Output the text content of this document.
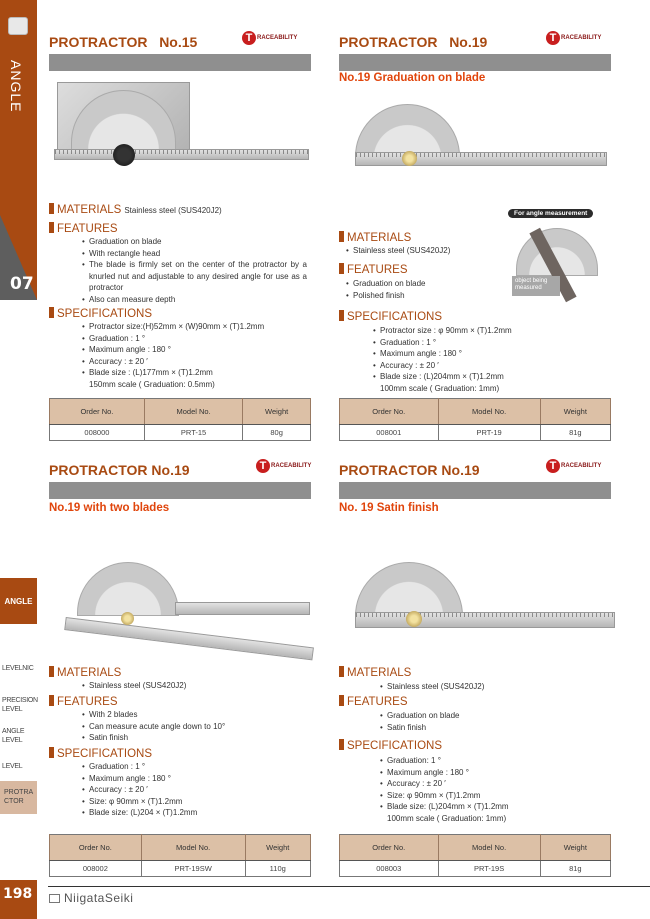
ANGLE
07
ANGLE
LEVELNIC
PRECISION LEVEL
ANGLE LEVEL
LEVEL
PROTRA CTOR
198	NiigataSeiki
PROTRACTOR   No.15	T RACEABILITY
MATERIALS Stainless steel (SUS420J2)
FEATURES
• Graduation on blade
• With rectangle head
• The blade is firmly set on the center of the protractor by a knurled nut and adjustable to any desired angle for use as a protractor
• Also can measure depth
SPECIFICATIONS
• Protractor size:(H)52mm × (W)90mm × (T)1.2mm
• Graduation : 1 °
• Maximum angle : 180 °
• Accuracy : ± 20 ′
• Blade size : (L)177mm × (T)1.2mm 150mm scale ( Graduation: 0.5mm)
Order No.	Model No.	Weight
008000	PRT-15	80g
PROTRACTOR   No.19	T RACEABILITY
No.19 Graduation on blade
MATERIALS
• Stainless steel (SUS420J2)
FEATURES
• Graduation on blade
• Polished finish
SPECIFICATIONS
• Protractor size : φ 90mm × (T)1.2mm
• Graduation : 1 °
• Maximum angle : 180 °
• Accuracy : ± 20 ′
• Blade size : (L)204mm × (T)1.2mm 100mm scale ( Graduation: 1mm)
Order No.	Model No.	Weight
008001	PRT-19	81g
For angle measurement
object being measured
PROTRACTOR No.19	T RACEABILITY
No.19 with two blades
MATERIALS
• Stainless steel (SUS420J2)
FEATURES
• With 2 blades
• Can measure acute angle down to 10°
• Satin finish
SPECIFICATIONS
• Graduation : 1 °
• Maximum angle : 180 °
• Accuracy : ± 20 ′
• Size: φ 90mm × (T)1.2mm
• Blade size: (L)204 × (T)1.2mm
Order No.	Model No.	Weight
008002	PRT-19SW	110g
PROTRACTOR No.19	T RACEABILITY
No. 19 Satin finish
MATERIALS
• Stainless steel (SUS420J2)
FEATURES
• Graduation on blade
• Satin finish
SPECIFICATIONS
• Graduation: 1 °
• Maximum angle : 180 °
• Accuracy : ± 20 ′
• Size: φ 90mm × (T)1.2mm
• Blade size: (L)204mm × (T)1.2mm 100mm scale ( Graduation: 1mm)
Order No.	Model No.	Weight
008003	PRT-19S	81g
